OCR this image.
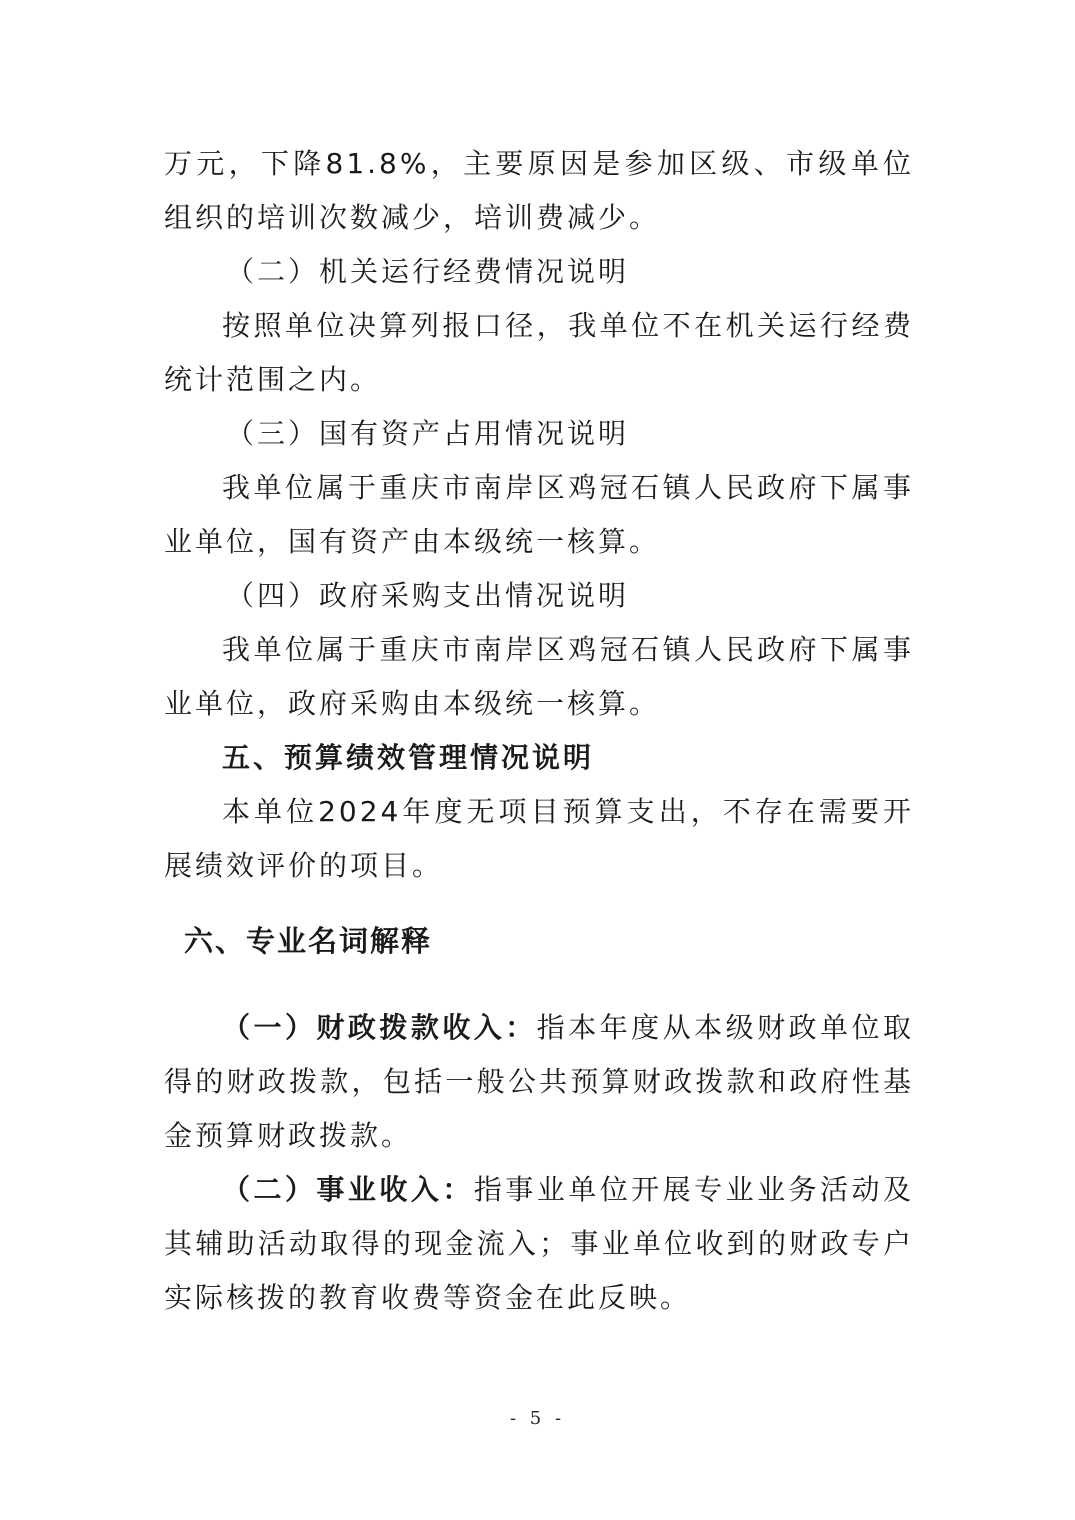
万元，下降81.8%，主要原因是参加区级、市级单位组织的培训次数减少，培训费减少。

（二）机关运行经费情况说明

按照单位决算列报口径，我单位不在机关运行经费统计范围之内。

（三）国有资产占用情况说明

我单位属于重庆市南岸区鸡冠石镇人民政府下属事业单位，国有资产由本级统一核算。

（四）政府采购支出情况说明

我单位属于重庆市南岸区鸡冠石镇人民政府下属事业单位，政府采购由本级统一核算。

五、预算绩效管理情况说明

本单位2024年度无项目预算支出，不存在需要开展绩效评价的项目。

六、专业名词解释

（一）财政拨款收入：指本年度从本级财政单位取得的财政拨款，包括一般公共预算财政拨款和政府性基金预算财政拨款。

（二）事业收入：指事业单位开展专业业务活动及其辅助活动取得的现金流入；事业单位收到的财政专户实际核拨的教育收费等资金在此反映。

- 5 -
